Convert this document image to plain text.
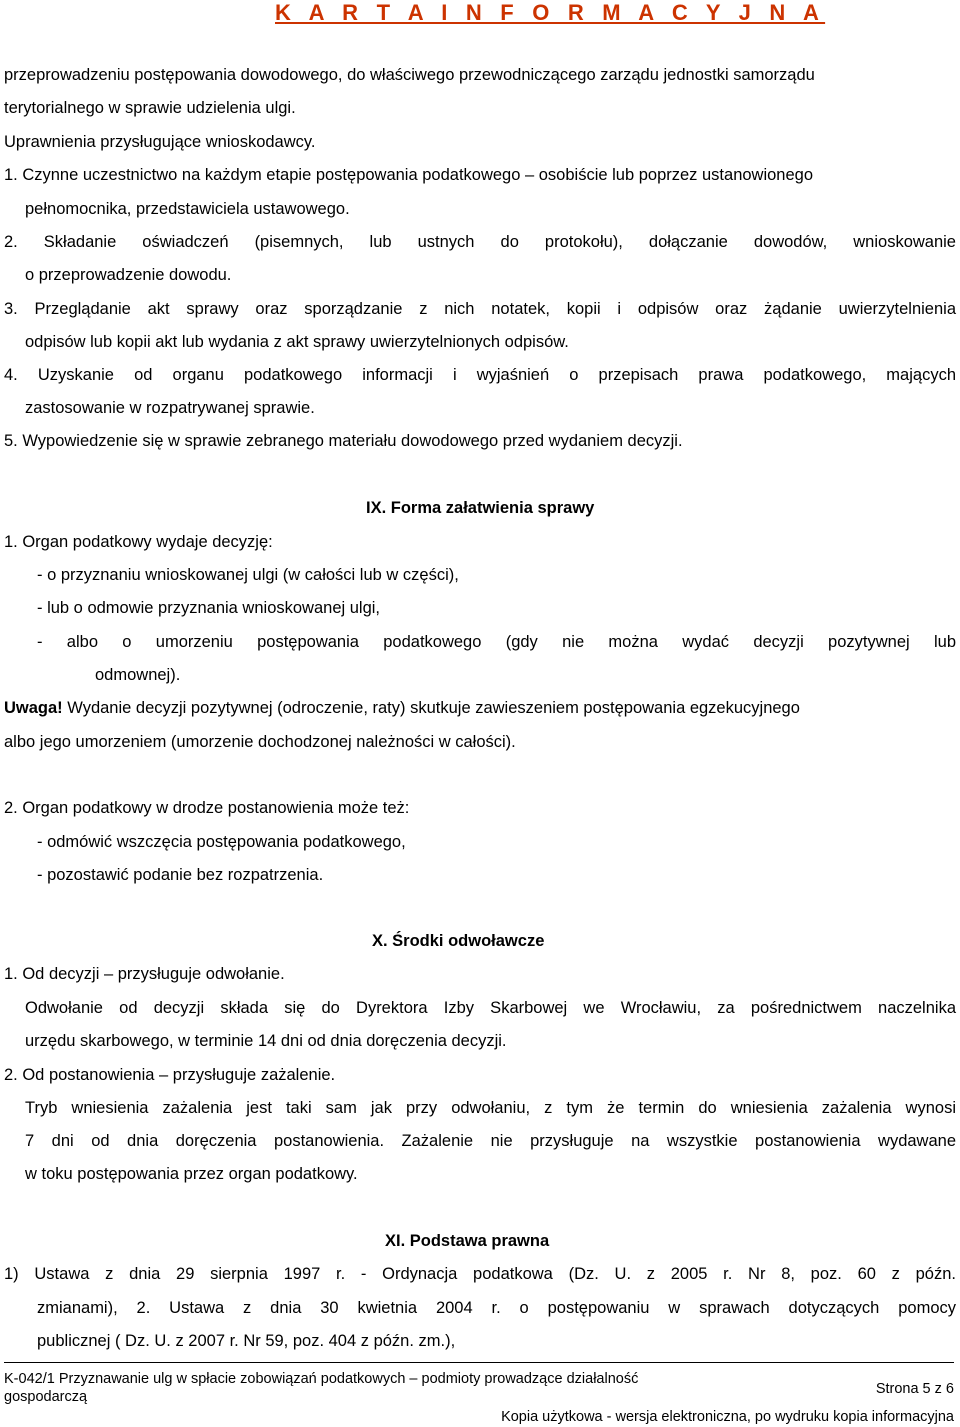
K A R T A I N F O R M A C Y J N A
przeprowadzeniu postępowania dowodowego, do właściwego przewodniczącego zarządu jednostki samorządu
terytorialnego w sprawie udzielenia ulgi.
Uprawnienia przysługujące wnioskodawcy.
1. Czynne uczestnictwo na każdym etapie postępowania podatkowego – osobiście lub poprzez ustanowionego
pełnomocnika, przedstawiciela ustawowego.
2. Składanie oświadczeń (pisemnych, lub ustnych do protokołu), dołączanie dowodów, wnioskowanie
o przeprowadzenie dowodu.
3. Przeglądanie akt sprawy oraz sporządzanie z nich notatek, kopii i odpisów oraz żądanie uwierzytelnienia
odpisów lub kopii akt lub wydania z akt sprawy uwierzytelnionych odpisów.
4. Uzyskanie od organu podatkowego informacji i wyjaśnień o przepisach prawa podatkowego, mających
zastosowanie w rozpatrywanej sprawie.
5. Wypowiedzenie się w sprawie zebranego materiału dowodowego przed wydaniem decyzji.
IX. Forma załatwienia sprawy
1. Organ podatkowy wydaje decyzję:
- o przyznaniu wnioskowanej ulgi (w całości lub w części),
- lub o odmowie przyznania wnioskowanej ulgi,
- albo o umorzeniu postępowania podatkowego (gdy nie można wydać decyzji pozytywnej lub
odmownej).
Uwaga! Wydanie decyzji pozytywnej (odroczenie, raty) skutkuje zawieszeniem postępowania egzekucyjnego
albo jego umorzeniem (umorzenie dochodzonej należności w całości).
2. Organ podatkowy w drodze postanowienia może też:
- odmówić wszczęcia postępowania podatkowego,
- pozostawić podanie bez rozpatrzenia.
X. Środki odwoławcze
1. Od decyzji – przysługuje odwołanie.
Odwołanie od decyzji składa się do Dyrektora Izby Skarbowej we Wrocławiu, za pośrednictwem naczelnika
urzędu skarbowego, w terminie 14 dni od dnia doręczenia decyzji.
2. Od postanowienia – przysługuje zażalenie.
Tryb wniesienia zażalenia jest taki sam jak przy odwołaniu, z tym że termin do wniesienia zażalenia wynosi
7 dni od dnia doręczenia postanowienia. Zażalenie nie przysługuje na wszystkie postanowienia wydawane
w toku postępowania przez organ podatkowy.
XI. Podstawa prawna
1) Ustawa z dnia 29 sierpnia 1997 r. - Ordynacja podatkowa (Dz. U. z 2005 r. Nr 8, poz. 60 z późn.
zmianami), 2. Ustawa z dnia 30 kwietnia 2004 r. o postępowaniu w sprawach dotyczących pomocy
publicznej ( Dz. U. z 2007 r. Nr 59, poz. 404 z późn. zm.),
K-042/1 Przyznawanie ulg w spłacie zobowiązań podatkowych – podmioty prowadzące działalność
gospodarczą	Strona 5 z 6
Kopia użytkowa - wersja elektroniczna, po wydruku kopia informacyjna
